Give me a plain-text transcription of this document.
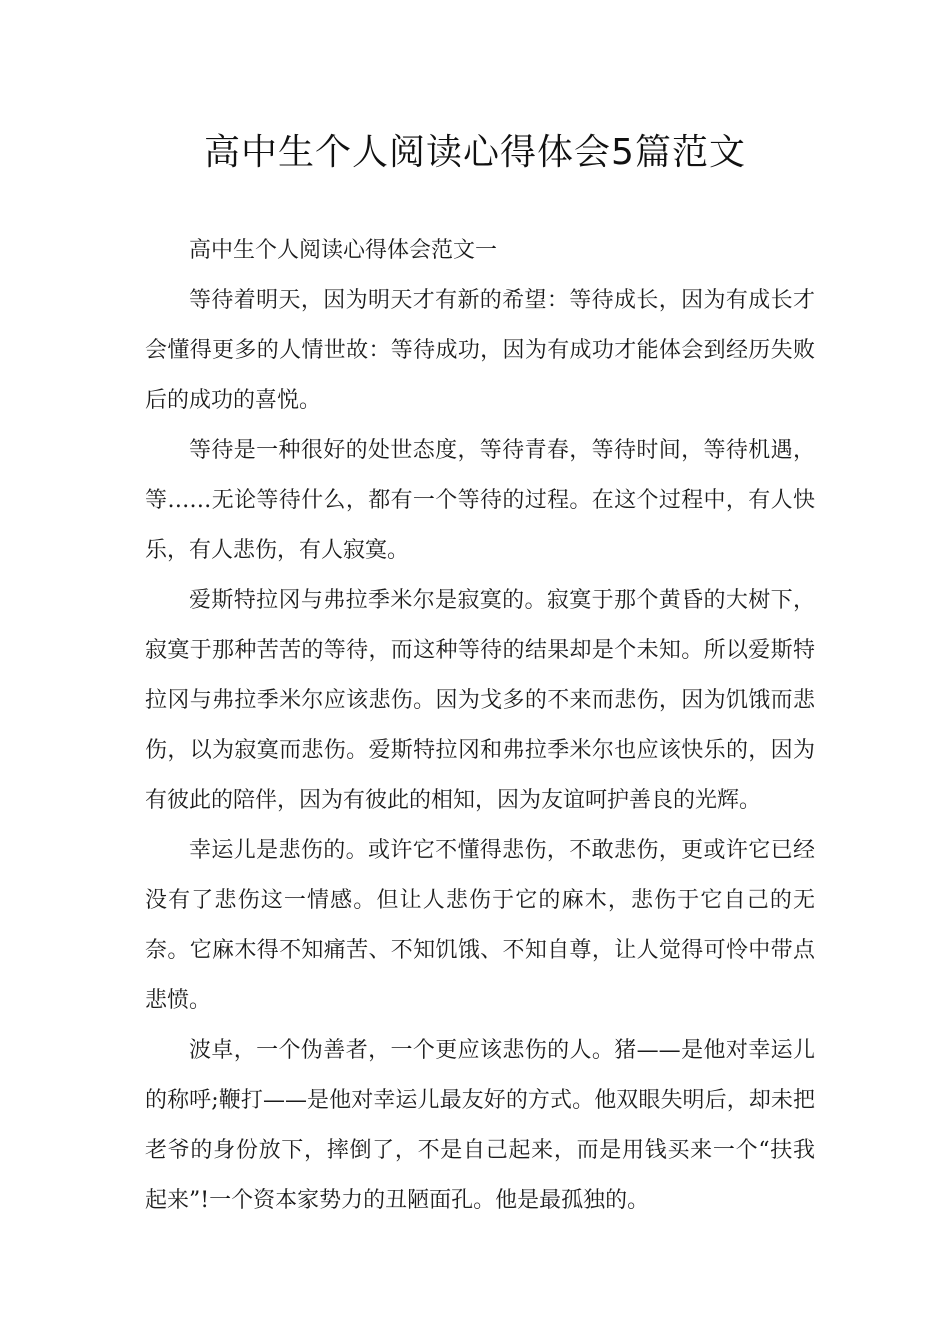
高中生个人阅读心得体会5篇范文

高中生个人阅读心得体会范文一

等待着明天，因为明天才有新的希望：等待成长，因为有成长才会懂得更多的人情世故：等待成功，因为有成功才能体会到经历失败后的成功的喜悦。

等待是一种很好的处世态度，等待青春，等待时间，等待机遇，等……无论等待什么，都有一个等待的过程。在这个过程中，有人快乐，有人悲伤，有人寂寞。

爱斯特拉冈与弗拉季米尔是寂寞的。寂寞于那个黄昏的大树下，寂寞于那种苦苦的等待，而这种等待的结果却是个未知。所以爱斯特拉冈与弗拉季米尔应该悲伤。因为戈多的不来而悲伤，因为饥饿而悲伤，以为寂寞而悲伤。爱斯特拉冈和弗拉季米尔也应该快乐的，因为有彼此的陪伴，因为有彼此的相知，因为友谊呵护善良的光辉。

幸运儿是悲伤的。或许它不懂得悲伤，不敢悲伤，更或许它已经没有了悲伤这一情感。但让人悲伤于它的麻木，悲伤于它自己的无奈。它麻木得不知痛苦、不知饥饿、不知自尊，让人觉得可怜中带点悲愤。

波卓，一个伪善者，一个更应该悲伤的人。猪——是他对幸运儿的称呼;鞭打——是他对幸运儿最友好的方式。他双眼失明后，却未把老爷的身份放下，摔倒了，不是自己起来，而是用钱买来一个“扶我起来”!一个资本家势力的丑陋面孔。他是最孤独的。
